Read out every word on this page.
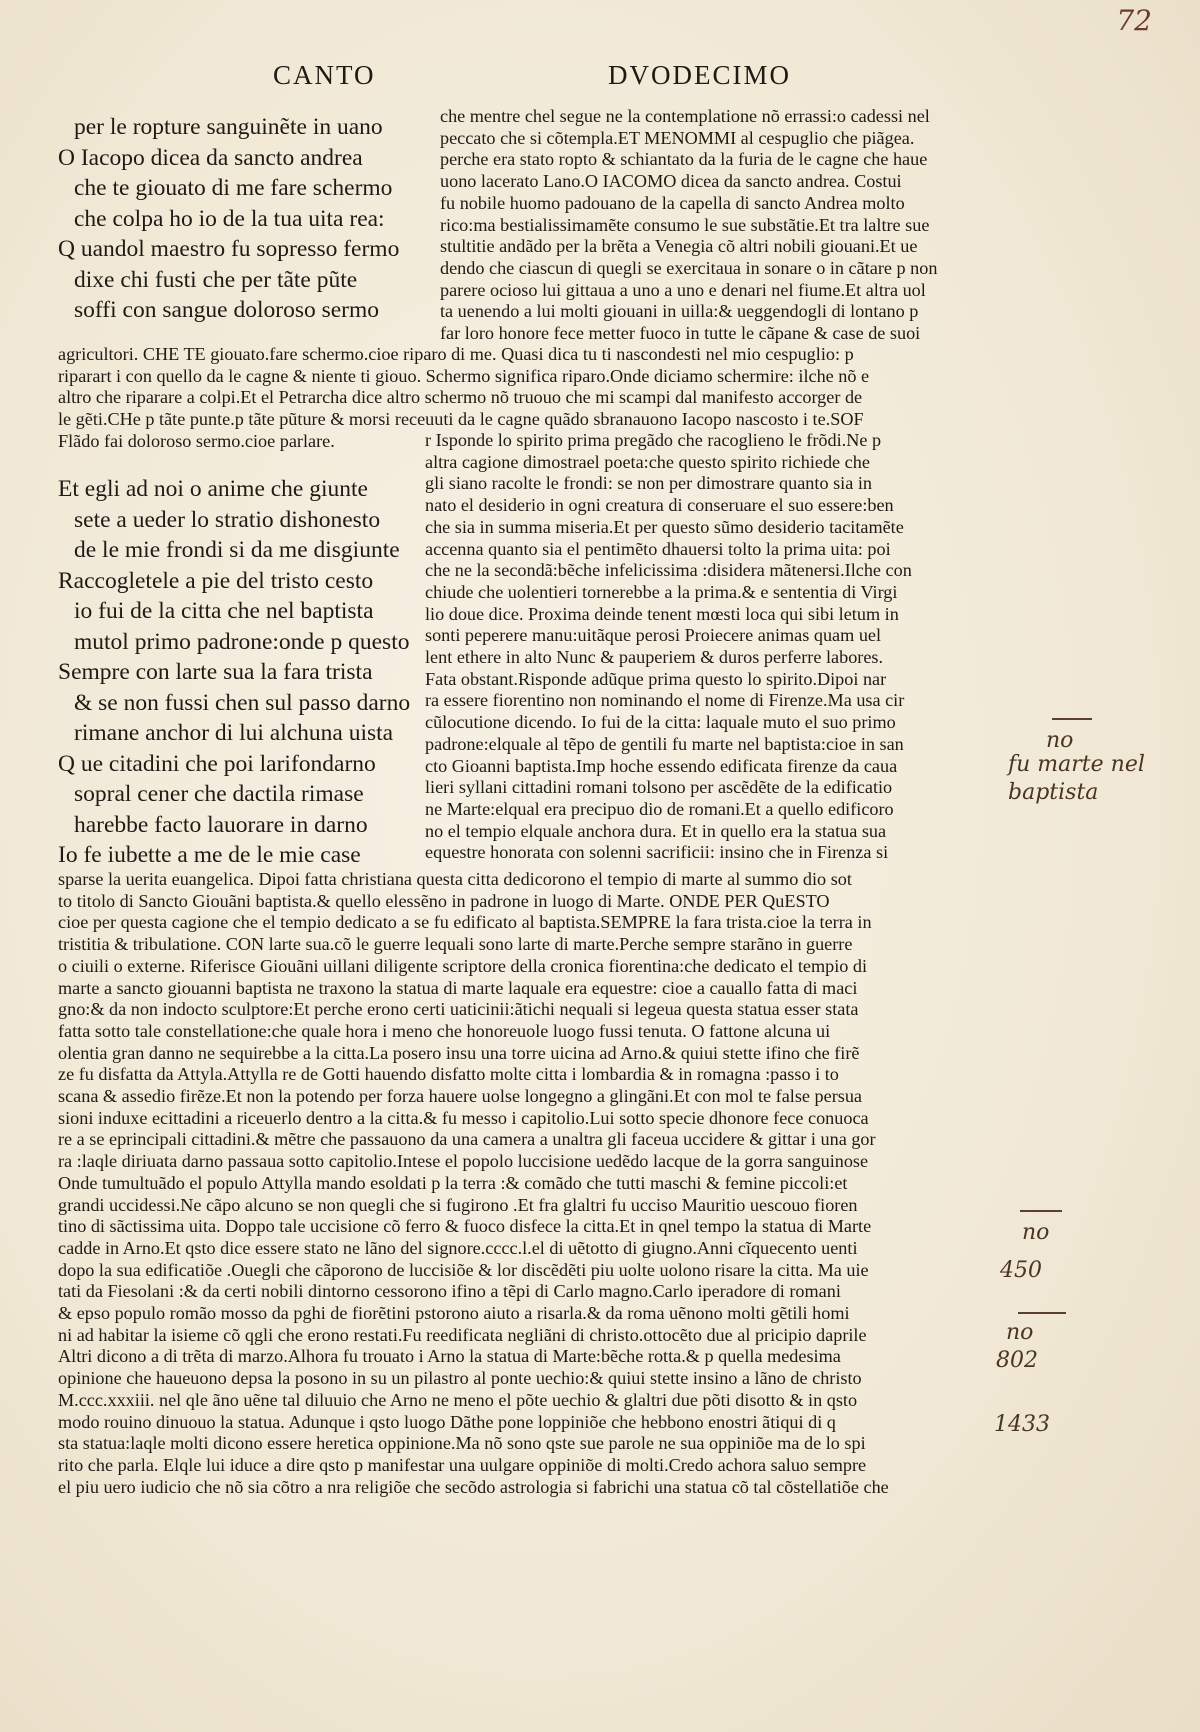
72
CANTO	DVODECIMO
per le ropture sanguinẽte in uano
O Iacopo dicea da sancto andrea
che te giouato di me fare schermo
che colpa ho io de la tua uita rea:
Q uandol maestro fu sopresso fermo
dixe chi fusti che per tãte pũte
soffi con sangue doloroso sermo
che mentre chel segue ne la contemplatione nõ errassi:o cadessi nel
peccato che si cõtempla.ET MENOMMI al cespuglio che piãgea.
perche era stato ropto & schiantato da la furia de le cagne che haue
uono lacerato Lano.O IACOMO dicea da sancto andrea. Costui
fu nobile huomo padouano de la capella di sancto Andrea molto
rico:ma bestialissimamẽte consumo le sue substãtie.Et tra laltre sue
stultitie andãdo per la brẽta a Venegia cõ altri nobili giouani.Et ue
dendo che ciascun di quegli se exercitaua in sonare o in cãtare p non
parere ocioso lui gittaua a uno a uno e denari nel fiume.Et altra uol
ta uenendo a lui molti giouani in uilla:& ueggendogli di lontano p
far loro honore fece metter fuoco in tutte le cãpane & case de suoi
agricultori. CHE TE giouato.fare schermo.cioe riparo di me. Quasi dica tu ti nascondesti nel mio cespuglio: p
riparart i con quello da le cagne & niente ti giouo. Schermo significa riparo.Onde diciamo schermire: ilche nõ e
altro che riparare a colpi.Et el Petrarcha dice altro schermo nõ truouo che mi scampi dal manifesto accorger de
le gẽti.CHe p tãte punte.p tãte pũture & morsi receuuti da le cagne quãdo sbranauono Iacopo nascosto i te.SOF
Flãdo fai doloroso sermo.cioe parlare.
Et egli ad noi o anime che giunte
sete a ueder lo stratio dishonesto
de le mie frondi si da me disgiunte
Raccogletele a pie del tristo cesto
io fui de la citta che nel baptista
mutol primo padrone:onde p questo
Sempre con larte sua la fara trista
& se non fussi chen sul passo darno
rimane anchor di lui alchuna uista
Q ue citadini che poi larifondarno
sopral cener che dactila rimase
harebbe facto lauorare in darno
Io fe iubette a me de le mie case
r Isponde lo spirito prima pregãdo che racoglieno le frõdi.Ne p
altra cagione dimostrael poeta:che questo spirito richiede che
gli siano racolte le frondi: se non per dimostrare quanto sia in
nato el desiderio in ogni creatura di conseruare el suo essere:ben
che sia in summa miseria.Et per questo sũmo desiderio tacitamẽte
accenna quanto sia el pentimẽto dhauersi tolto la prima uita: poi
che ne la secondã:bẽche infelicissima :disidera mãtenersi.Ilche con
chiude che uolentieri tornerebbe a la prima.& e sententia di Virgi
lio doue dice. Proxima deinde tenent mœsti loca qui sibi letum in
sonti peperere manu:uitãque perosi Proiecere animas quam uel
lent ethere in alto Nunc & pauperiem & duros perferre labores.
Fata obstant.Risponde adũque prima questo lo spirito.Dipoi nar
ra essere fiorentino non nominando el nome di Firenze.Ma usa cir
cũlocutione dicendo. Io fui de la citta: laquale muto el suo primo
padrone:elquale al tẽpo de gentili fu marte nel baptista:cioe in san
cto Gioanni baptista.Imp hoche essendo edificata firenze da caua
lieri syllani cittadini romani tolsono per ascẽdẽte de la edificatio
ne Marte:elqual era precipuo dio de romani.Et a quello edificoro
no el tempio elquale anchora dura. Et in quello era la statua sua
equestre honorata con solenni sacrificii: insino che in Firenza si
sparse la uerita euangelica. Dipoi fatta christiana questa citta dedicorono el tempio di marte al summo dio sot
to titolo di Sancto Giouãni baptista.& quello elessẽno in padrone in luogo di Marte. ONDE PER QuESTO
cioe per questa cagione che el tempio dedicato a se fu edificato al baptista.SEMPRE la fara trista.cioe la terra in
tristitia & tribulatione. CON larte sua.cõ le guerre lequali sono larte di marte.Perche sempre starãno in guerre
o ciuili o externe. Riferisce Giouãni uillani diligente scriptore della cronica fiorentina:che dedicato el tempio di
marte a sancto giouanni baptista ne traxono la statua di marte laquale era equestre: cioe a cauallo fatta di maci
gno:& da non indocto sculptore:Et perche erono certi uaticinii:ãtichi nequali si legeua questa statua esser stata
fatta sotto tale constellatione:che quale hora i meno che honoreuole luogo fussi tenuta. O fattone alcuna ui
olentia gran danno ne sequirebbe a la citta.La posero insu una torre uicina ad Arno.& quiui stette ifino che firẽ
ze fu disfatta da Attyla.Attylla re de Gotti hauendo disfatto molte citta i lombardia & in romagna :passo i to
scana & assedio firẽze.Et non la potendo per forza hauere uolse longegno a glingãni.Et con mol te false persua
sioni induxe ecittadini a riceuerlo dentro a la citta.& fu messo i capitolio.Lui sotto specie dhonore fece conuoca
re a se eprincipali cittadini.& mẽtre che passauono da una camera a unaltra gli faceua uccidere & gittar i una gor
ra :laqle diriuata darno passaua sotto capitolio.Intese el popolo luccisione uedẽdo lacque de la gorra sanguinose
Onde tumultuãdo el populo Attylla mando esoldati p la terra :& comãdo che tutti maschi & femine piccoli:et
grandi uccidessi.Ne cãpo alcuno se non quegli che si fugirono .Et fra glaltri fu ucciso Mauritio uescouo fioren
tino di sãctissima uita. Doppo tale uccisione cõ ferro & fuoco disfece la citta.Et in qnel tempo la statua di Marte
cadde in Arno.Et qsto dice essere stato ne lãno del signore.cccc.l.el di uẽtotto di giugno.Anni cĩquecento uenti
dopo la sua edificatiõe .Ouegli che cãporono de luccisiõe & lor discẽdẽti piu uolte uolono risare la citta. Ma uie
tati da Fiesolani :& da certi nobili dintorno cessorono ifino a tẽpi di Carlo magno.Carlo iperadore di romani
& epso populo romão mosso da pghi de fiorẽtini pstorono aiuto a risarla.& da roma uẽnono molti gẽtili homi
ni ad habitar la isieme cõ qgli che erono restati.Fu reedificata negliãni di christo.ottocẽto due al pricipio daprile
Altri dicono a di trẽta di marzo.Alhora fu trouato i Arno la statua di Marte:bẽche rotta.& p quella medesima
opinione che haueuono depsa la posono in su un pilastro al ponte uechio:& quiui stette insino a lãno de christo
M.ccc.xxxiii. nel qle ãno uẽne tal diluuio che Arno ne meno el põte uechio & glaltri due põti disotto & in qsto
modo rouino dinuouo la statua. Adunque i qsto luogo Dãthe pone loppiniõe che hebbono enostri ãtiqui di q
sta statua:laqle molti dicono essere heretica oppinione.Ma nõ sono qste sue parole ne sua oppiniõe ma de lo spi
rito che parla. Elqle lui iduce a dire qsto p manifestar una uulgare oppiniõe di molti.Credo achora saluo sempre
el piu uero iudicio che nõ sia cõtro a nra religiõe che secõdo astrologia si fabrichi una statua cõ tal cõstellatiõe che
no
fu marte nel
baptista
no
450
no
802
1433
